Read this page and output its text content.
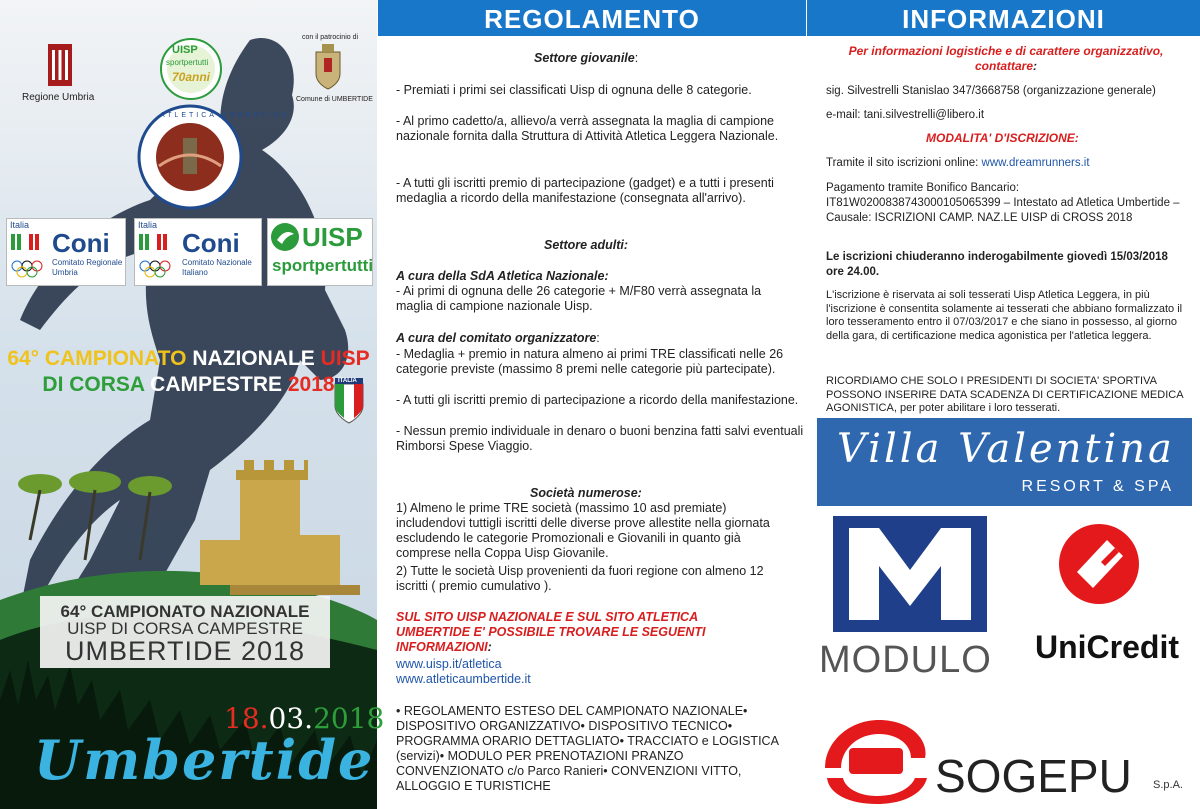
Regione Umbria
UISP
sportpertutti
70anni
con il patrocinio di
Comune di UMBERTIDE
ATLETICA UMBERTIDE
Italia
Coni
Comitato Regionale
Umbria
Italia
Coni
Comitato Nazionale
Italiano
UISP
sportpertutti
64° CAMPIONATO NAZIONALE UISP
DI CORSA CAMPESTRE 2018 ITALIA
64° CAMPIONATO NAZIONALE
UISP DI CORSA CAMPESTRE
UMBERTIDE 2018
18.03.2018
Umbertide
REGOLAMENTO
Settore giovanile:
- Premiati i primi sei classificati Uisp di ognuna delle 8 categorie.
- Al primo cadetto/a, allievo/a verrà assegnata la maglia di campione nazionale fornita dalla Struttura di Attività Atletica Leggera Nazionale.
- A tutti gli iscritti premio di partecipazione (gadget) e a tutti i presenti medaglia a ricordo della manifestazione (consegnata all'arrivo).
Settore adulti:
A cura della SdA Atletica Nazionale:
- Ai primi di ognuna delle 26 categorie + M/F80 verrà assegnata la maglia di campione nazionale Uisp.
A cura del comitato organizzatore:
- Medaglia + premio in natura almeno ai primi TRE classificati nelle 26 categorie previste (massimo 8 premi nelle categorie più partecipate).
- A tutti gli iscritti premio di partecipazione a ricordo della manifestazione.
- Nessun premio individuale in denaro o buoni benzina fatti salvi eventuali Rimborsi Spese Viaggio.
Società numerose:
1) Almeno le prime TRE società (massimo 10 asd premiate) includendovi tuttigli iscritti delle diverse prove allestite nella giornata escludendo le categorie Promozionali e Giovanili in quanto già comprese nella Coppa Uisp Giovanile.
2) Tutte le società Uisp provenienti da fuori regione con almeno 12 iscritti ( premio cumulativo ).
SUL SITO UISP NAZIONALE E SUL SITO ATLETICA UMBERTIDE E' POSSIBILE TROVARE LE SEGUENTI INFORMAZIONI:
www.uisp.it/atletica
www.atleticaumbertide.it
• REGOLAMENTO ESTESO DEL CAMPIONATO NAZIONALE• DISPOSITIVO ORGANIZZATIVO• DISPOSITIVO TECNICO• PROGRAMMA ORARIO DETTAGLIATO• TRACCIATO e LOGISTICA (servizi)• MODULO PER PRENOTAZIONI PRANZO CONVENZIONATO c/o Parco Ranieri• CONVENZIONI VITTO, ALLOGGIO E TURISTICHE
INFORMAZIONI
Per informazioni logistiche e di carattere organizzativo, contattare:
sig. Silvestrelli Stanislao 347/3668758 (organizzazione generale)
e-mail: tani.silvestrelli@libero.it
MODALITA' D'ISCRIZIONE:
Tramite il sito iscrizioni online: www.dreamrunners.it
Pagamento tramite Bonifico Bancario: IT81W0200838743000105065399 – Intestato ad Atletica Umbertide – Causale: ISCRIZIONI CAMP. NAZ.LE UISP di CROSS 2018
Le iscrizioni chiuderanno inderogabilmente giovedì 15/03/2018 ore 24.00.
L'iscrizione è riservata ai soli tesserati Uisp Atletica Leggera, in più l'iscrizione è consentita solamente ai tesserati che abbiano formalizzato il loro tesseramento entro il 07/03/2017 e che siano in possesso, al giorno della gara, di certificazione medica agonistica per l'atletica leggera.
RICORDIAMO CHE SOLO I PRESIDENTI DI SOCIETA' SPORTIVA POSSONO INSERIRE DATA SCADENZA DI CERTIFICAZIONE MEDICA AGONISTICA, per poter abilitare i loro tesserati.
Villa Valentina
RESORT & SPA
MODULO UniCredit
SOGEPU S.p.A.
